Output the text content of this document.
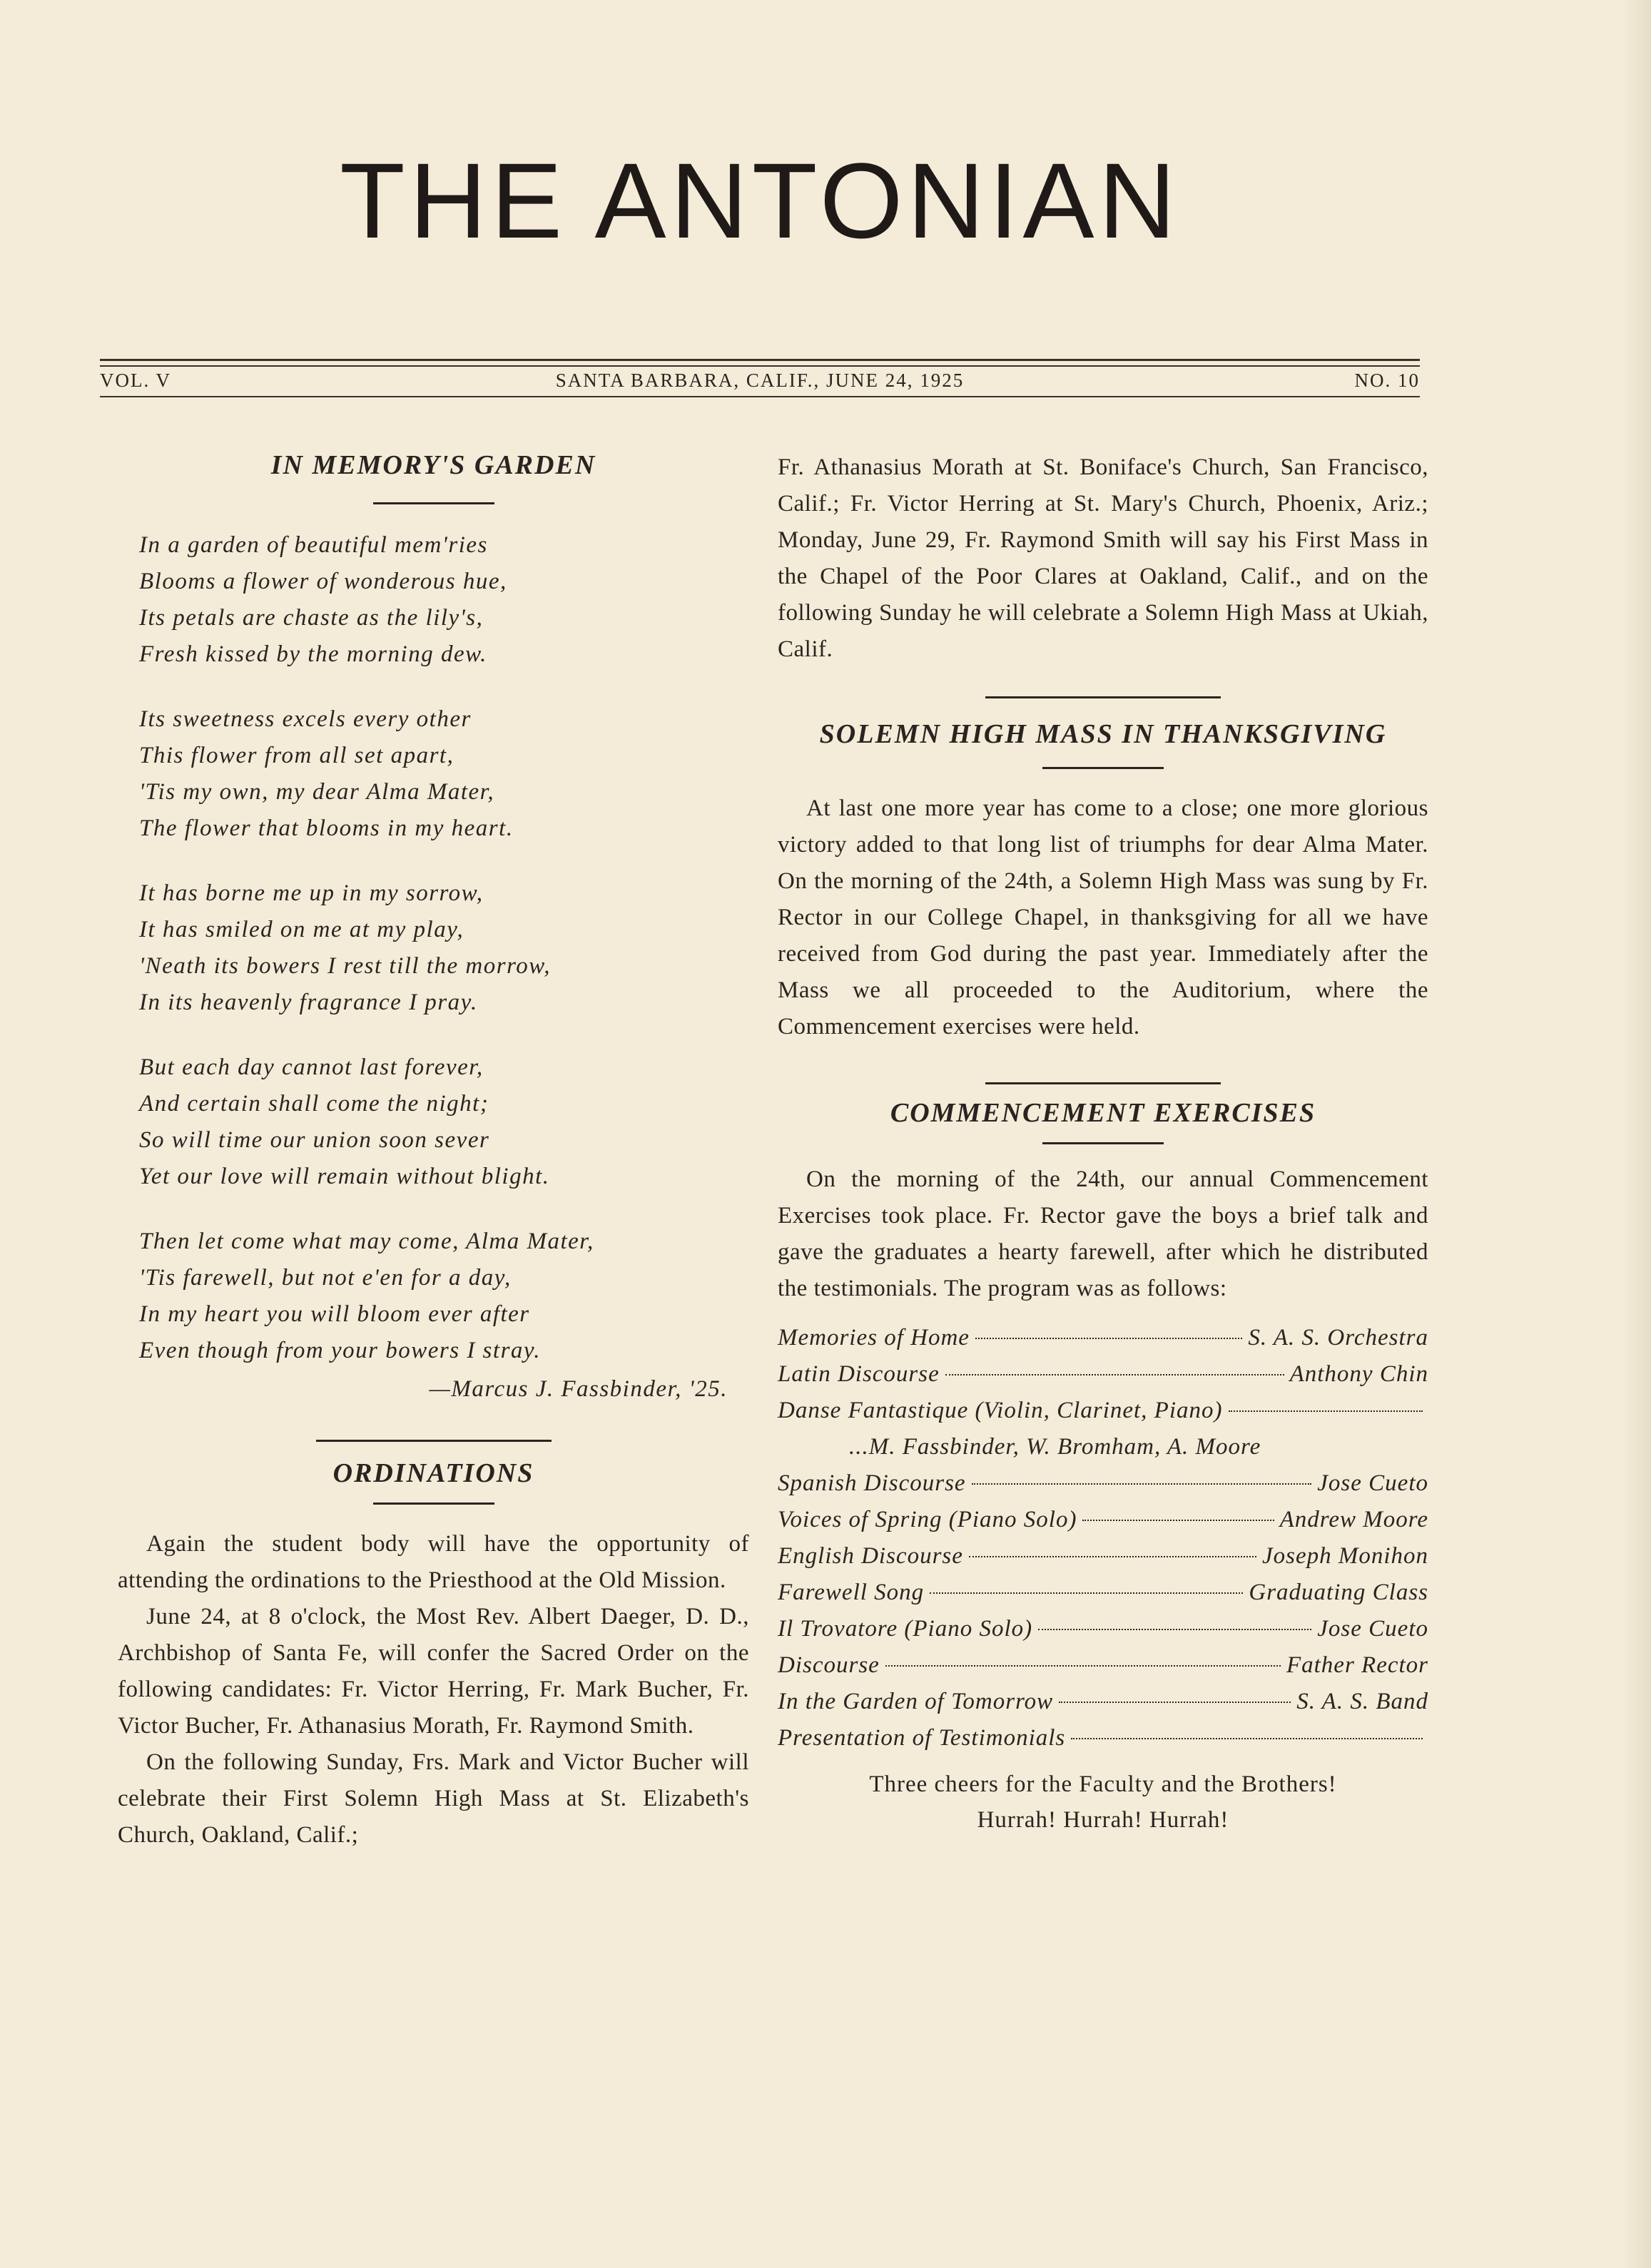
THE ANTONIAN
VOL. V	SANTA BARBARA, CALIF., JUNE 24, 1925	NO. 10
IN MEMORY'S GARDEN
In a garden of beautiful mem'ries
Blooms a flower of wonderous hue,
Its petals are chaste as the lily's,
Fresh kissed by the morning dew.
Its sweetness excels every other
This flower from all set apart,
'Tis my own, my dear Alma Mater,
The flower that blooms in my heart.
It has borne me up in my sorrow,
It has smiled on me at my play,
'Neath its bowers I rest till the morrow,
In its heavenly fragrance I pray.
But each day cannot last forever,
And certain shall come the night;
So will time our union soon sever
Yet our love will remain without blight.
Then let come what may come, Alma Mater,
'Tis farewell, but not e'en for a day,
In my heart you will bloom ever after
Even though from your bowers I stray.
—Marcus J. Fassbinder, '25.
ORDINATIONS

Again the student body will have the opportunity of attending the ordinations to the Priesthood at the Old Mission.

June 24, at 8 o'clock, the Most Rev. Albert Daeger, D. D., Archbishop of Santa Fe, will confer the Sacred Order on the following candidates: Fr. Victor Herring, Fr. Mark Bucher, Fr. Victor Bucher, Fr. Athanasius Morath, Fr. Raymond Smith.

On the following Sunday, Frs. Mark and Victor Bucher will celebrate their First Solemn High Mass at St. Elizabeth's Church, Oakland, Calif.;

Fr. Athanasius Morath at St. Boniface's Church, San Francisco, Calif.; Fr. Victor Herring at St. Mary's Church, Phoenix, Ariz.; Monday, June 29, Fr. Raymond Smith will say his First Mass in the Chapel of the Poor Clares at Oakland, Calif., and on the following Sunday he will celebrate a Solemn High Mass at Ukiah, Calif.

SOLEMN HIGH MASS IN THANKSGIVING

At last one more year has come to a close; one more glorious victory added to that long list of triumphs for dear Alma Mater. On the morning of the 24th, a Solemn High Mass was sung by Fr. Rector in our College Chapel, in thanksgiving for all we have received from God during the past year. Immediately after the Mass we all proceeded to the Auditorium, where the Commencement exercises were held.

COMMENCEMENT EXERCISES

On the morning of the 24th, our annual Commencement Exercises took place. Fr. Rector gave the boys a brief talk and gave the graduates a hearty farewell, after which he distributed the testimonials. The program was as follows:

Memories of Home	S. A. S. Orchestra
Latin Discourse	Anthony Chin
Danse Fantastique (Violin, Clarinet, Piano)
...M. Fassbinder, W. Bromham, A. Moore
Spanish Discourse	Jose Cueto
Voices of Spring (Piano Solo)	Andrew Moore
English Discourse	Joseph Monihon
Farewell Song	Graduating Class
Il Trovatore (Piano Solo)	Jose Cueto
Discourse	Father Rector
In the Garden of Tomorrow	S. A. S. Band
Presentation of Testimonials
Three cheers for the Faculty and the Brothers!
Hurrah! Hurrah! Hurrah!
